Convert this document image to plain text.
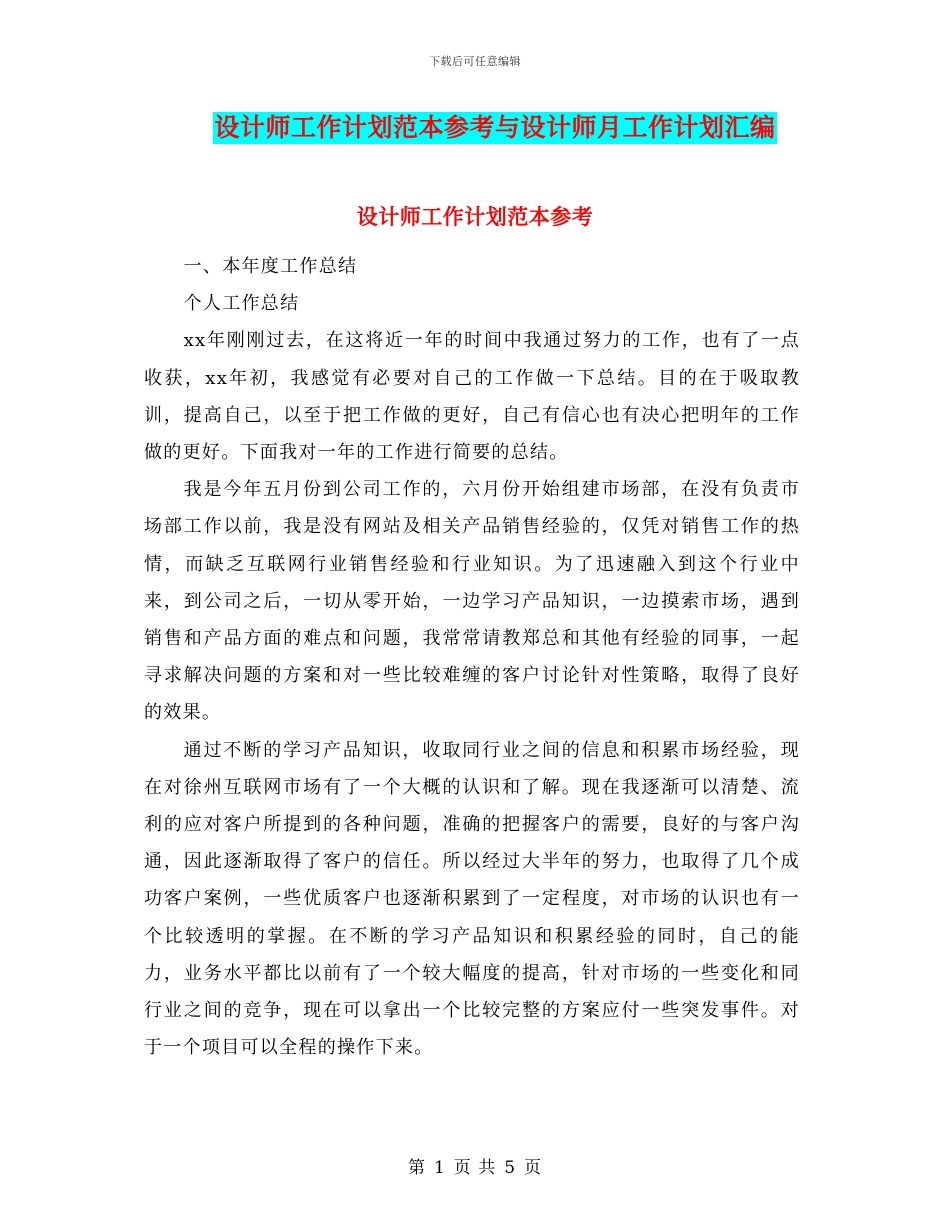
下载后可任意编辑
设计师工作计划范本参考与设计师月工作计划汇编
设计师工作计划范本参考

一、本年度工作总结

个人工作总结

xx年刚刚过去，在这将近一年的时间中我通过努力的工作，也有了一点收获，xx年初，我感觉有必要对自己的工作做一下总结。目的在于吸取教训，提高自己，以至于把工作做的更好，自己有信心也有决心把明年的工作做的更好。下面我对一年的工作进行简要的总结。

我是今年五月份到公司工作的，六月份开始组建市场部，在没有负责市场部工作以前，我是没有网站及相关产品销售经验的，仅凭对销售工作的热情，而缺乏互联网行业销售经验和行业知识。为了迅速融入到这个行业中来，到公司之后，一切从零开始，一边学习产品知识，一边摸索市场，遇到销售和产品方面的难点和问题，我常常请教郑总和其他有经验的同事，一起寻求解决问题的方案和对一些比较难缠的客户讨论针对性策略，取得了良好的效果。

通过不断的学习产品知识，收取同行业之间的信息和积累市场经验，现在对徐州互联网市场有了一个大概的认识和了解。现在我逐渐可以清楚、流利的应对客户所提到的各种问题，准确的把握客户的需要，良好的与客户沟通，因此逐渐取得了客户的信任。所以经过大半年的努力，也取得了几个成功客户案例，一些优质客户也逐渐积累到了一定程度，对市场的认识也有一个比较透明的掌握。在不断的学习产品知识和积累经验的同时，自己的能力，业务水平都比以前有了一个较大幅度的提高，针对市场的一些变化和同行业之间的竞争，现在可以拿出一个比较完整的方案应付一些突发事件。对于一个项目可以全程的操作下来。

第 1 页 共 5 页
